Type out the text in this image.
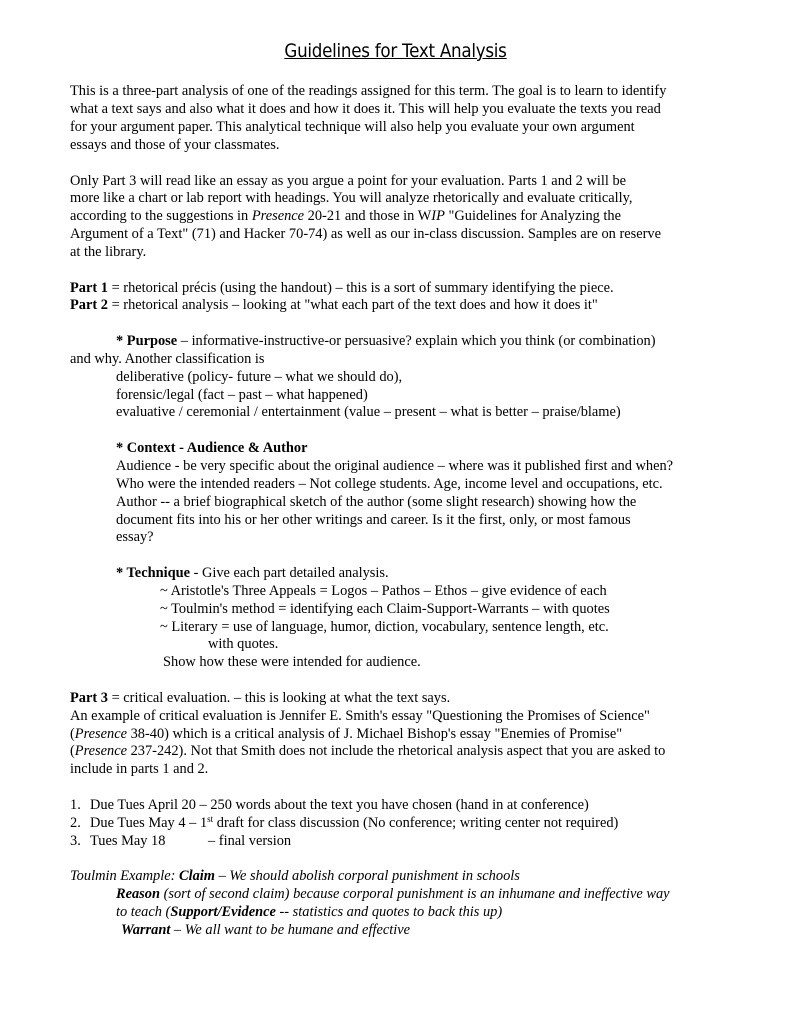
Guidelines for Text Analysis
This is a three-part analysis of one of the readings assigned for this term. The goal is to learn to identify
what a text says and also what it does and how it does it. This will help you evaluate the texts you read
for your argument paper. This analytical technique will also help you evaluate your own argument
essays and those of your classmates.
Only Part 3 will read like an essay as you argue a point for your evaluation. Parts 1 and 2 will be
more like a chart or lab report with headings. You will analyze rhetorically and evaluate critically,
according to the suggestions in Presence 20-21 and those in WIP "Guidelines for Analyzing the
Argument of a Text" (71) and Hacker 70-74) as well as our in-class discussion. Samples are on reserve
at the library.
Part 1 = rhetorical précis (using the handout) – this is a sort of summary identifying the piece.
Part 2 = rhetorical analysis – looking at "what each part of the text does and how it does it"
* Purpose – informative-instructive-or persuasive? explain which you think (or combination)
and why. Another classification is
deliberative (policy- future – what we should do),
forensic/legal (fact – past – what happened)
evaluative / ceremonial / entertainment (value – present – what is better – praise/blame)
* Context - Audience & Author
Audience - be very specific about the original audience – where was it published first and when?
Who were the intended readers – Not college students. Age, income level and occupations, etc.
Author -- a brief biographical sketch of the author (some slight research) showing how the
document fits into his or her other writings and career. Is it the first, only, or most famous
essay?
* Technique - Give each part detailed analysis.
~ Aristotle's Three Appeals = Logos – Pathos – Ethos – give evidence of each
~ Toulmin's method = identifying each Claim-Support-Warrants – with quotes
~ Literary = use of language, humor, diction, vocabulary, sentence length, etc.
with quotes.
Show how these were intended for audience.
Part 3 = critical evaluation. – this is looking at what the text says.
An example of critical evaluation is Jennifer E. Smith's essay "Questioning the Promises of Science"
(Presence 38-40) which is a critical analysis of J. Michael Bishop's essay "Enemies of Promise"
(Presence 237-242). Not that Smith does not include the rhetorical analysis aspect that you are asked to
include in parts 1 and 2.
1. Due Tues April 20 – 250 words about the text you have chosen (hand in at conference)
2. Due Tues May 4 – 1st draft for class discussion (No conference; writing center not required)
3. Tues May 18	– final version
Toulmin Example: Claim – We should abolish corporal punishment in schools
Reason (sort of second claim) because corporal punishment is an inhumane and ineffective way
to teach (Support/Evidence -- statistics and quotes to back this up)
Warrant – We all want to be humane and effective
